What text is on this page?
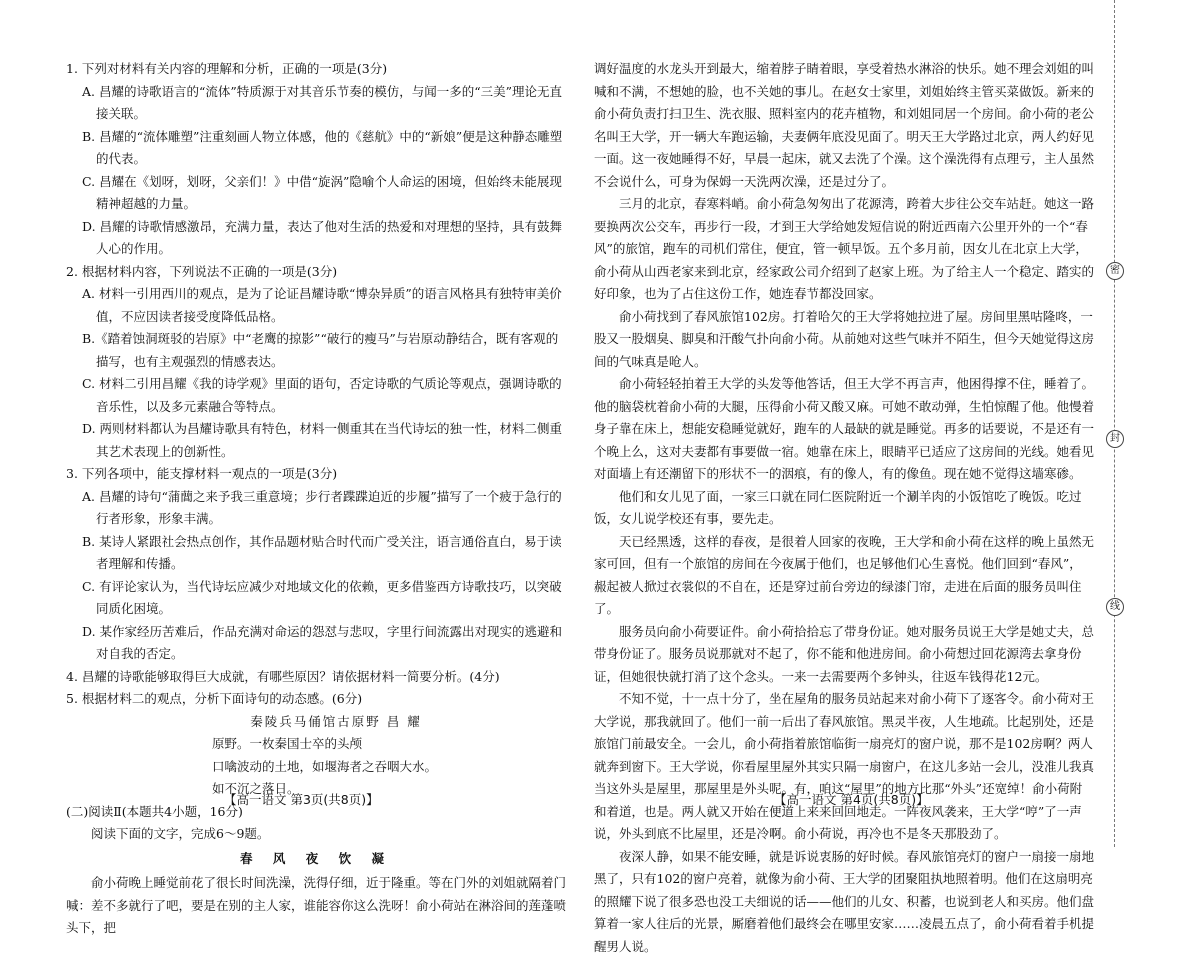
1. 下列对材料有关内容的理解和分析，正确的一项是(3分)

A. 昌耀的诗歌语言的“流体”特质源于对其音乐节奏的模仿，与闻一多的“三美”理论无直接关联。

B. 昌耀的“流体雕塑”注重刻画人物立体感，他的《慈航》中的“新娘”便是这种静态雕塑的代表。

C. 昌耀在《划呀，划呀，父亲们！》中借“旋涡”隐喻个人命运的困境，但始终未能展现精神超越的力量。

D. 昌耀的诗歌情感激昂，充满力量，表达了他对生活的热爱和对理想的坚持，具有鼓舞人心的作用。

2. 根据材料内容，下列说法不正确的一项是(3分)

A. 材料一引用西川的观点，是为了论证昌耀诗歌“博杂异质”的语言风格具有独特审美价值，不应因读者接受度降低品格。

B.《踏着蚀洞斑驳的岩原》中“老鹰的掠影”“破行的瘦马”与岩原动静结合，既有客观的描写，也有主观强烈的情感表达。

C. 材料二引用昌耀《我的诗学观》里面的语句，否定诗歌的气质论等观点，强调诗歌的音乐性，以及多元素融合等特点。

D. 两则材料都认为昌耀诗歌具有特色，材料一侧重其在当代诗坛的独一性，材料二侧重其艺术表现上的创新性。

3. 下列各项中，能支撑材料一观点的一项是(3分)

A. 昌耀的诗句“蒲䕡之来予我三重意境；步行者蹀蹀迫近的步履”描写了一个疲于急行的行者形象，形象丰满。

B. 某诗人紧跟社会热点创作，其作品题材贴合时代而广受关注，语言通俗直白，易于读者理解和传播。

C. 有评论家认为，当代诗坛应减少对地域文化的依赖，更多借鉴西方诗歌技巧，以突破同质化困境。

D. 某作家经历苦难后，作品充满对命运的怨怼与悲叹，字里行间流露出对现实的逃避和对自我的否定。

4. 昌耀的诗歌能够取得巨大成就，有哪些原因？请依据材料一简要分析。(4分)

5. 根据材料二的观点，分析下面诗句的动态感。(6分)

秦陵兵马俑馆古原野 昌 耀

原野。一枚秦国士卒的头颅

口噙波动的土地，如堰海者之吞咽大水。

如不沉之落日。

(二)阅读Ⅱ(本题共4小题，16分)

阅读下面的文字，完成6～9题。

春 风 夜 饮 凝

俞小荷晚上睡觉前花了很长时间洗澡，洗得仔细，近于隆重。等在门外的刘姐就隔着门喊：差不多就行了吧，要是在别的主人家，谁能容你这么洗呀！俞小荷站在淋浴间的莲蓬喷头下，把

调好温度的水龙头开到最大，缩着脖子睛着眼，享受着热水淋浴的快乐。她不理会刘姐的叫喊和不满，不想她的脸，也不关她的事儿。在赵女士家里，刘姐始终主管买菜做饭。新来的俞小荷负责打扫卫生、洗衣服、照料室内的花卉植物，和刘姐同居一个房间。俞小荷的老公名叫王大学，开一辆大车跑运输，夫妻俩年底没见面了。明天王大学路过北京，两人约好见一面。这一夜她睡得不好，早晨一起床，就又去洗了个澡。这个澡洗得有点理亏，主人虽然不会说什么，可身为保姆一天洗两次澡，还是过分了。

三月的北京，春寒料峭。俞小荷急匆匆出了花源湾，跨着大步往公交车站赶。她这一路要换两次公交车，再步行一段，才到王大学给她发短信说的附近西南六公里开外的一个“春风”的旅馆，跑车的司机们常住，便宜，管一顿早饭。五个多月前，因女儿在北京上大学，俞小荷从山西老家来到北京，经家政公司介绍到了赵家上班。为了给主人一个稳定、踏实的好印象，也为了占住这份工作，她连春节都没回家。

俞小荷找到了春风旅馆102房。打着哈欠的王大学将她拉进了屋。房间里黑咕隆咚，一股又一股烟臭、脚臭和汗酸气扑向俞小荷。从前她对这些气味并不陌生，但今天她觉得这房间的气味真是呛人。

俞小荷轻轻拍着王大学的头发等他答话，但王大学不再言声，他困得撑不住，睡着了。他的脑袋枕着俞小荷的大腿，压得俞小荷又酸又麻。可她不敢动弹，生怕惊醒了他。他慢着身子靠在床上，想能安稳睡觉就好，跑车的人最缺的就是睡觉。再多的话要说，不是还有一个晚上么，这对夫妻都有事要做一宿。她靠在床上，眼睛平已适应了这房间的光线。她看见对面墙上有还潮留下的形状不一的洇痕，有的像人，有的像鱼。现在她不觉得这墙寒碜。

他们和女儿见了面，一家三口就在同仁医院附近一个涮羊肉的小饭馆吃了晚饭。吃过饭，女儿说学校还有事，要先走。

天已经黑透，这样的春夜，是很着人回家的夜晚，王大学和俞小荷在这样的晚上虽然无家可回，但有一个旅馆的房间在今夜属于他们，也足够他们心生喜悦。他们回到“春风”，赧起被人掀过衣裳似的不自在，还是穿过前台旁边的绿漆门帘，走进在后面的服务员叫住了。

服务员向俞小荷要证件。俞小荷拾拾忘了带身份证。她对服务员说王大学是她丈夫，总带身份证了。服务员说那就对不起了，你不能和他进房间。俞小荷想过回花源湾去拿身份证，但她很快就打消了这个念头。一来一去需要两个多钟头，往返车钱得花12元。

不知不觉，十一点十分了，坐在屋角的服务员站起来对俞小荷下了逐客令。俞小荷对王大学说，那我就回了。他们一前一后出了春风旅馆。黑灵半夜，人生地疏。比起别处，还是旅馆门前最安全。一会儿，俞小荷指着旅馆临街一扇亮灯的窗户说，那不是102房啊？两人就奔到窗下。王大学说，你看屋里屋外其实只隔一扇窗户，在这儿多站一会儿，没准儿我真当这外头是屋里，那屋里是外头呢。有，咱这“屋里”的地方比那“外头”还宽绰！俞小荷附和着道，也是。两人就又开始在便道上来来回回地走。一阵夜风袭来，王大学“哼”了一声说，外头到底不比屋里，还是冷啊。俞小荷说，再冷也不是冬天那股劲了。

夜深人静，如果不能安睡，就是诉说衷肠的好时候。春风旅馆亮灯的窗户一扇接一扇地黑了，只有102的窗户亮着，就像为俞小荷、王大学的团聚阻执地照着明。他们在这扇明亮的照耀下说了很多恐也没工夫细说的话——他们的儿女、积蓄，也说到老人和买房。他们盘算着一家人往后的光景，厮磨着他们最终会在哪里安家……凌晨五点了，俞小荷看着手机提醒男人说。

【高一语文 第3页(共8页)】	【高一语文 第4页(共8页)】
密
封
线
